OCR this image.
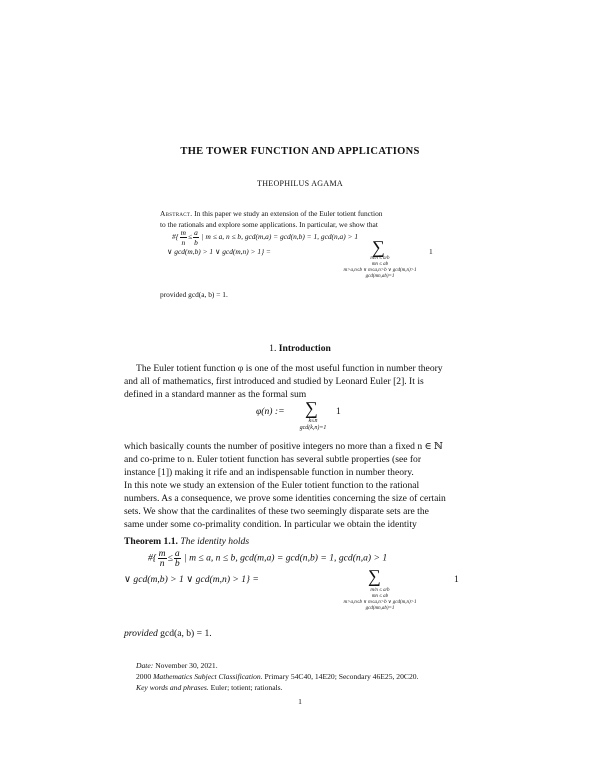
THE TOWER FUNCTION AND APPLICATIONS
THEOPHILUS AGAMA
Abstract. In this paper we study an extension of the Euler totient function
to the rationals and explore some applications. In particular, we show that
#{ $\frac{m}{n} \le \frac{a}{b}$ | m ≤ a, n ≤ b, gcd(m,a) = gcd(n,b) = 1, gcd(n,a) > 1
∨ gcd(m,b) > 1 ∨ gcd(m,n) > 1} =	∑	1
m/n ≤ a/b
mn ≤ ab
m>a,n≤b ∨ m≤a,n>b ∨ gcd(m,n)>1
gcd(mn,ab)=1
provided gcd(a, b) = 1.
1. Introduction
The Euler totient function φ is one of the most useful function in number theory
and all of mathematics, first introduced and studied by Leonard Euler [2]. It is
defined in a standard manner as the formal sum
φ(n) := ∑ 1
k≤n
gcd(k,n)=1
which basically counts the number of positive integers no more than a fixed n ∈ ℕ
and co-prime to n. Euler totient function has several subtle properties (see for
instance [1]) making it rife and an indispensable function in number theory.
In this note we study an extension of the Euler totient function to the rational
numbers. As a consequence, we prove some identities concerning the size of certain
sets. We show that the cardinalites of these two seemingly disparate sets are the
same under some co-primality condition. In particular we obtain the identity
Theorem 1.1. The identity holds
#{ $\frac{m}{n} \le \frac{a}{b}$ | m ≤ a, n ≤ b, gcd(m,a) = gcd(n,b) = 1, gcd(n,a) > 1
∨ gcd(m,b) > 1 ∨ gcd(m,n) > 1} =	∑	1
m/n ≤ a/b
mn ≤ ab
m>a,n≤b ∨ m≤a,n>b ∨ gcd(m,n)>1
gcd(mn,ab)=1
provided gcd(a, b) = 1.
Date: November 30, 2021.
2000 Mathematics Subject Classification. Primary 54C40, 14E20; Secondary 46E25, 20C20.
Key words and phrases. Euler; totient; rationals.
1
